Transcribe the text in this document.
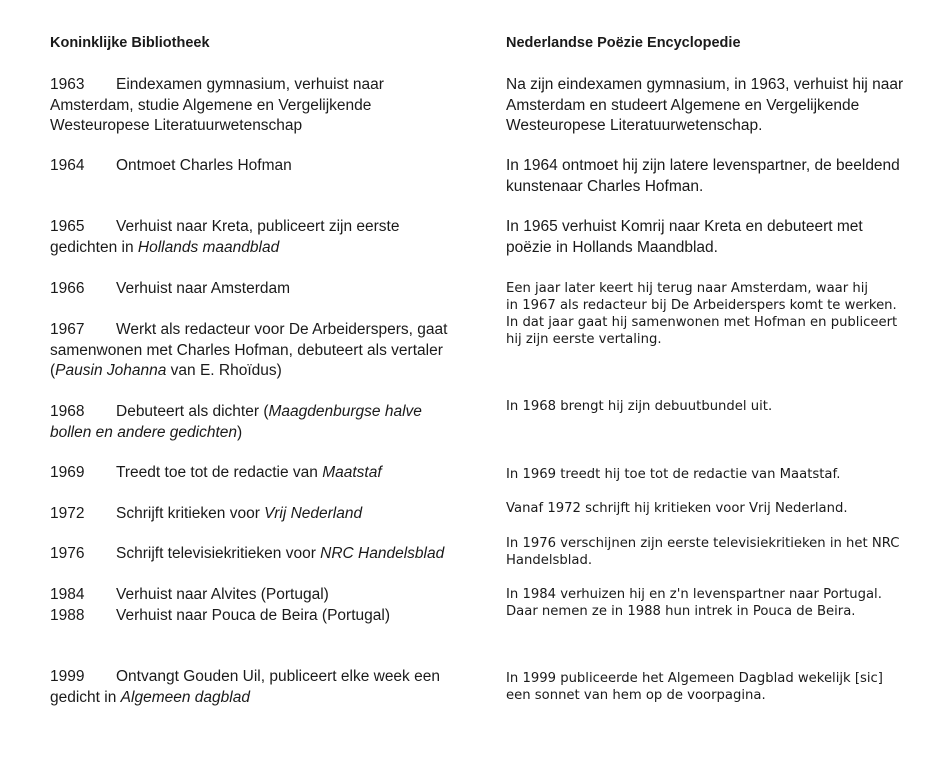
Koninklijke Bibliotheek
1963 Eindexamen gymnasium, verhuist naar Amsterdam, studie Algemene en Vergelijkende Westeuropese Literatuurwetenschap
1964 Ontmoet Charles Hofman
1965 Verhuist naar Kreta, publiceert zijn eerste gedichten in Hollands maandblad
1966 Verhuist naar Amsterdam
1967 Werkt als redacteur voor De Arbeiderspers, gaat samenwonen met Charles Hofman, debuteert als vertaler (Pausin Johanna van E. Rhoïdus)
1968 Debuteert als dichter (Maagdenburgse halve bollen en andere gedichten)
1969 Treedt toe tot de redactie van Maatstaf
1972 Schrijft kritieken voor Vrij Nederland
1976 Schrijft televisiekritieken voor NRC Handelsblad
1984 Verhuist naar Alvites (Portugal)
1988 Verhuist naar Pouca de Beira (Portugal)
1999 Ontvangt Gouden Uil, publiceert elke week een gedicht in Algemeen dagblad
Nederlandse Poëzie Encyclopedie
Na zijn eindexamen gymnasium, in 1963, verhuist hij naar Amsterdam en studeert Algemene en Vergelijkende Westeuropese Literatuurwetenschap.
In 1964 ontmoet hij zijn latere levenspartner, de beeldend kunstenaar Charles Hofman.
In 1965 verhuist Komrij naar Kreta en debuteert met poëzie in Hollands Maandblad.
Een jaar later keert hij terug naar Amsterdam, waar hij
in 1967 als redacteur bij De Arbeiderspers komt te werken. In dat jaar gaat hij samenwonen met Hofman en publiceert hij zijn eerste vertaling.
In 1968 brengt hij zijn debuutbundel uit.
In 1969 treedt hij toe tot de redactie van Maatstaf.
Vanaf 1972 schrijft hij kritieken voor Vrij Nederland.
In 1976 verschijnen zijn eerste televisiekritieken in het NRC Handelsblad.
In 1984 verhuizen hij en z'n levenspartner naar Portugal. Daar nemen ze in 1988 hun intrek in Pouca de Beira.
In 1999 publiceerde het Algemeen Dagblad wekelijk [sic] een sonnet van hem op de voorpagina.
